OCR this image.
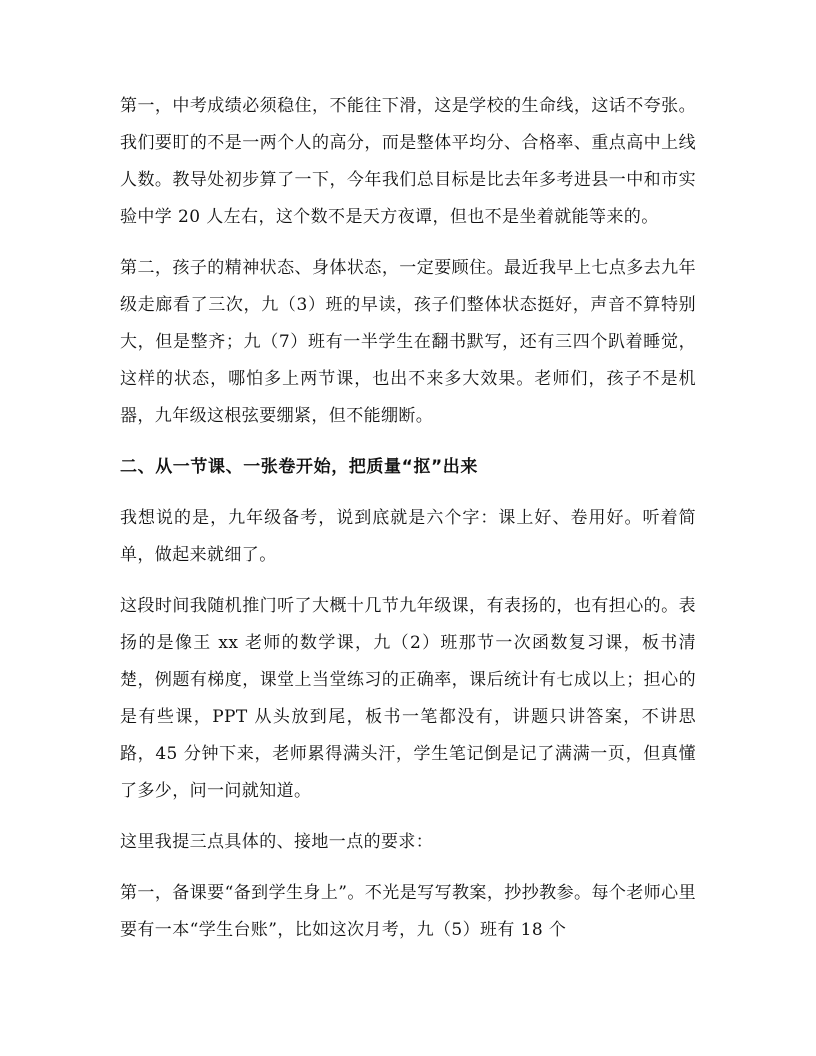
第一，中考成绩必须稳住，不能往下滑，这是学校的生命线，这话不夸张。我们要盯的不是一两个人的高分，而是整体平均分、合格率、重点高中上线人数。教导处初步算了一下，今年我们总目标是比去年多考进县一中和市实验中学 20 人左右，这个数不是天方夜谭，但也不是坐着就能等来的。

第二，孩子的精神状态、身体状态，一定要顾住。最近我早上七点多去九年级走廊看了三次，九（3）班的早读，孩子们整体状态挺好，声音不算特别大，但是整齐；九（7）班有一半学生在翻书默写，还有三四个趴着睡觉，这样的状态，哪怕多上两节课，也出不来多大效果。老师们，孩子不是机器，九年级这根弦要绷紧，但不能绷断。

二、从一节课、一张卷开始，把质量“抠”出来

我想说的是，九年级备考，说到底就是六个字：课上好、卷用好。听着简单，做起来就细了。

这段时间我随机推门听了大概十几节九年级课，有表扬的，也有担心的。表扬的是像王 xx 老师的数学课，九（2）班那节一次函数复习课，板书清楚，例题有梯度，课堂上当堂练习的正确率，课后统计有七成以上；担心的是有些课，PPT 从头放到尾，板书一笔都没有，讲题只讲答案，不讲思路，45 分钟下来，老师累得满头汗，学生笔记倒是记了满满一页，但真懂了多少，问一问就知道。

这里我提三点具体的、接地一点的要求：

第一，备课要“备到学生身上”。不光是写写教案，抄抄教参。每个老师心里要有一本“学生台账”，比如这次月考，九（5）班有 18 个
